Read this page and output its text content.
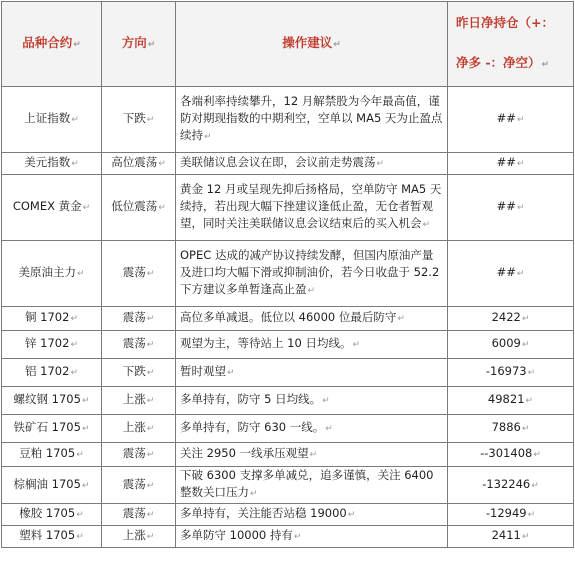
品种合约↵	方向↵	操作建议↵	昨日净持仓（+：
净多 -：净空）↵

上证指数↵	下跌↵	各端利率持续攀升，12 月解禁股为今年最高值，谨防对期现指数的中期利空，空单以 MA5 天为止盈点续持↵	##↵
美元指数↵	高位震荡↵	美联储议息会议在即，会议前走势震荡↵	##↵
COMEX 黄金↵	低位震荡↵	黄金 12 月或呈现先抑后扬格局，空单防守 MA5 天续持，若出现大幅下挫建议逢低止盈，无仓者暂观望，同时关注美联储议息会议结束后的买入机会↵	##↵
美原油主力↵	震荡↵	OPEC 达成的减产协议持续发酵，但国内原油产量及进口均大幅下滑或抑制油价，若今日收盘于 52.2 下方建议多单暂逢高止盈↵	##↵
铜 1702↵	震荡↵	高位多单减退。低位以 46000 位最后防守↵	2422↵
锌 1702↵	震荡↵	观望为主，等待站上 10 日均线。↵	6009↵
铝 1702↵	下跌↵	暂时观望↵	-16973↵
螺纹钢 1705↵	上涨↵	多单持有，防守 5 日均线。↵	49821↵
铁矿石 1705↵	上涨↵	多单持有，防守 630 一线。↵	7886↵
豆粕 1705↵	震荡↵	关注 2950 一线承压观望↵	--301408↵
棕榈油 1705↵	震荡↵	下破 6300 支撑多单减兑，追多谨慎，关注 6400 整数关口压力↵	-132246↵
橡胶 1705↵	震荡↵	多单持有，关注能否站稳 19000↵	-12949↵
塑料 1705↵	上涨↵	多单防守 10000 持有↵	2411↵
